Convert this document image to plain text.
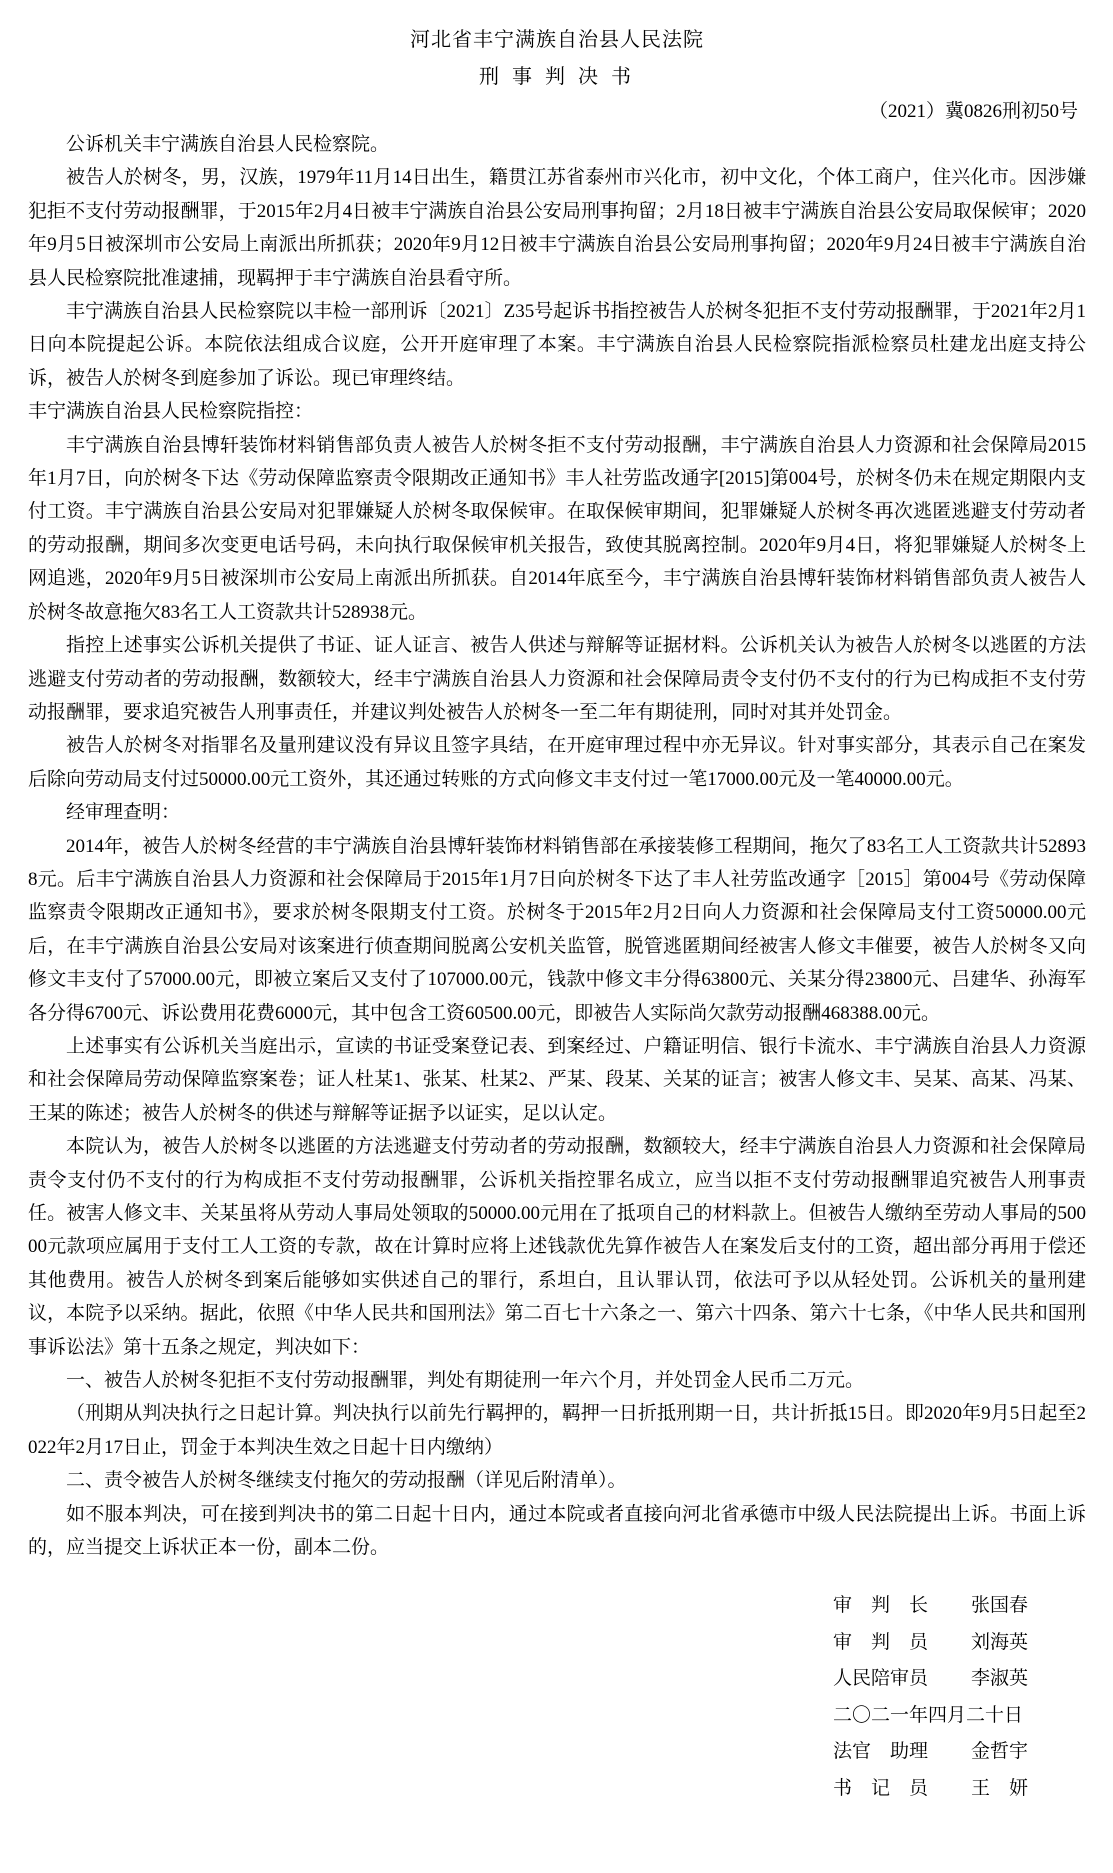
河北省丰宁满族自治县人民法院
刑 事 判 决 书
（2021）冀0826刑初50号

公诉机关丰宁满族自治县人民检察院。

被告人於树冬，男，汉族，1979年11月14日出生，籍贯江苏省泰州市兴化市，初中文化，个体工商户，住兴化市。因涉嫌犯拒不支付劳动报酬罪，于2015年2月4日被丰宁满族自治县公安局刑事拘留；2月18日被丰宁满族自治县公安局取保候审；2020年9月5日被深圳市公安局上南派出所抓获；2020年9月12日被丰宁满族自治县公安局刑事拘留；2020年9月24日被丰宁满族自治县人民检察院批准逮捕，现羁押于丰宁满族自治县看守所。

丰宁满族自治县人民检察院以丰检一部刑诉〔2021〕Z35号起诉书指控被告人於树冬犯拒不支付劳动报酬罪，于2021年2月1日向本院提起公诉。本院依法组成合议庭，公开开庭审理了本案。丰宁满族自治县人民检察院指派检察员杜建龙出庭支持公诉，被告人於树冬到庭参加了诉讼。现已审理终结。

丰宁满族自治县人民检察院指控：

丰宁满族自治县博轩装饰材料销售部负责人被告人於树冬拒不支付劳动报酬，丰宁满族自治县人力资源和社会保障局2015年1月7日，向於树冬下达《劳动保障监察责令限期改正通知书》丰人社劳监改通字[2015]第004号，於树冬仍未在规定期限内支付工资。丰宁满族自治县公安局对犯罪嫌疑人於树冬取保候审。在取保候审期间，犯罪嫌疑人於树冬再次逃匿逃避支付劳动者的劳动报酬，期间多次变更电话号码，未向执行取保候审机关报告，致使其脱离控制。2020年9月4日，将犯罪嫌疑人於树冬上网追逃，2020年9月5日被深圳市公安局上南派出所抓获。自2014年底至今，丰宁满族自治县博轩装饰材料销售部负责人被告人於树冬故意拖欠83名工人工资款共计528938元。

指控上述事实公诉机关提供了书证、证人证言、被告人供述与辩解等证据材料。公诉机关认为被告人於树冬以逃匿的方法逃避支付劳动者的劳动报酬，数额较大，经丰宁满族自治县人力资源和社会保障局责令支付仍不支付的行为已构成拒不支付劳动报酬罪，要求追究被告人刑事责任，并建议判处被告人於树冬一至二年有期徒刑，同时对其并处罚金。

被告人於树冬对指罪名及量刑建议没有异议且签字具结，在开庭审理过程中亦无异议。针对事实部分，其表示自己在案发后除向劳动局支付过50000.00元工资外，其还通过转账的方式向修文丰支付过一笔17000.00元及一笔40000.00元。

经审理查明：

2014年，被告人於树冬经营的丰宁满族自治县博轩装饰材料销售部在承接装修工程期间，拖欠了83名工人工资款共计528938元。后丰宁满族自治县人力资源和社会保障局于2015年1月7日向於树冬下达了丰人社劳监改通字［2015］第004号《劳动保障监察责令限期改正通知书》，要求於树冬限期支付工资。於树冬于2015年2月2日向人力资源和社会保障局支付工资50000.00元后，在丰宁满族自治县公安局对该案进行侦查期间脱离公安机关监管，脱管逃匿期间经被害人修文丰催要，被告人於树冬又向修文丰支付了57000.00元，即被立案后又支付了107000.00元，钱款中修文丰分得63800元、关某分得23800元、吕建华、孙海军各分得6700元、诉讼费用花费6000元，其中包含工资60500.00元，即被告人实际尚欠款劳动报酬468388.00元。

上述事实有公诉机关当庭出示，宣读的书证受案登记表、到案经过、户籍证明信、银行卡流水、丰宁满族自治县人力资源和社会保障局劳动保障监察案卷；证人杜某1、张某、杜某2、严某、段某、关某的证言；被害人修文丰、吴某、高某、冯某、王某的陈述；被告人於树冬的供述与辩解等证据予以证实，足以认定。

本院认为，被告人於树冬以逃匿的方法逃避支付劳动者的劳动报酬，数额较大，经丰宁满族自治县人力资源和社会保障局责令支付仍不支付的行为构成拒不支付劳动报酬罪，公诉机关指控罪名成立，应当以拒不支付劳动报酬罪追究被告人刑事责任。被害人修文丰、关某虽将从劳动人事局处领取的50000.00元用在了抵项自己的材料款上。但被告人缴纳至劳动人事局的50000元款项应属用于支付工人工资的专款，故在计算时应将上述钱款优先算作被告人在案发后支付的工资，超出部分再用于偿还其他费用。被告人於树冬到案后能够如实供述自己的罪行，系坦白，且认罪认罚，依法可予以从轻处罚。公诉机关的量刑建议，本院予以采纳。据此，依照《中华人民共和国刑法》第二百七十六条之一、第六十四条、第六十七条，《中华人民共和国刑事诉讼法》第十五条之规定，判决如下：

一、被告人於树冬犯拒不支付劳动报酬罪，判处有期徒刑一年六个月，并处罚金人民币二万元。

（刑期从判决执行之日起计算。判决执行以前先行羁押的，羁押一日折抵刑期一日，共计折抵15日。即2020年9月5日起至2022年2月17日止，罚金于本判决生效之日起十日内缴纳）

二、责令被告人於树冬继续支付拖欠的劳动报酬（详见后附清单）。

如不服本判决，可在接到判决书的第二日起十日内，通过本院或者直接向河北省承德市中级人民法院提出上诉。书面上诉的，应当提交上诉状正本一份，副本二份。

审　判　长 张国春
审　判　员 刘海英
人民陪审员 李淑英
二〇二一年四月二十日
法官　助理 金哲宇
书　记　员 王　妍
